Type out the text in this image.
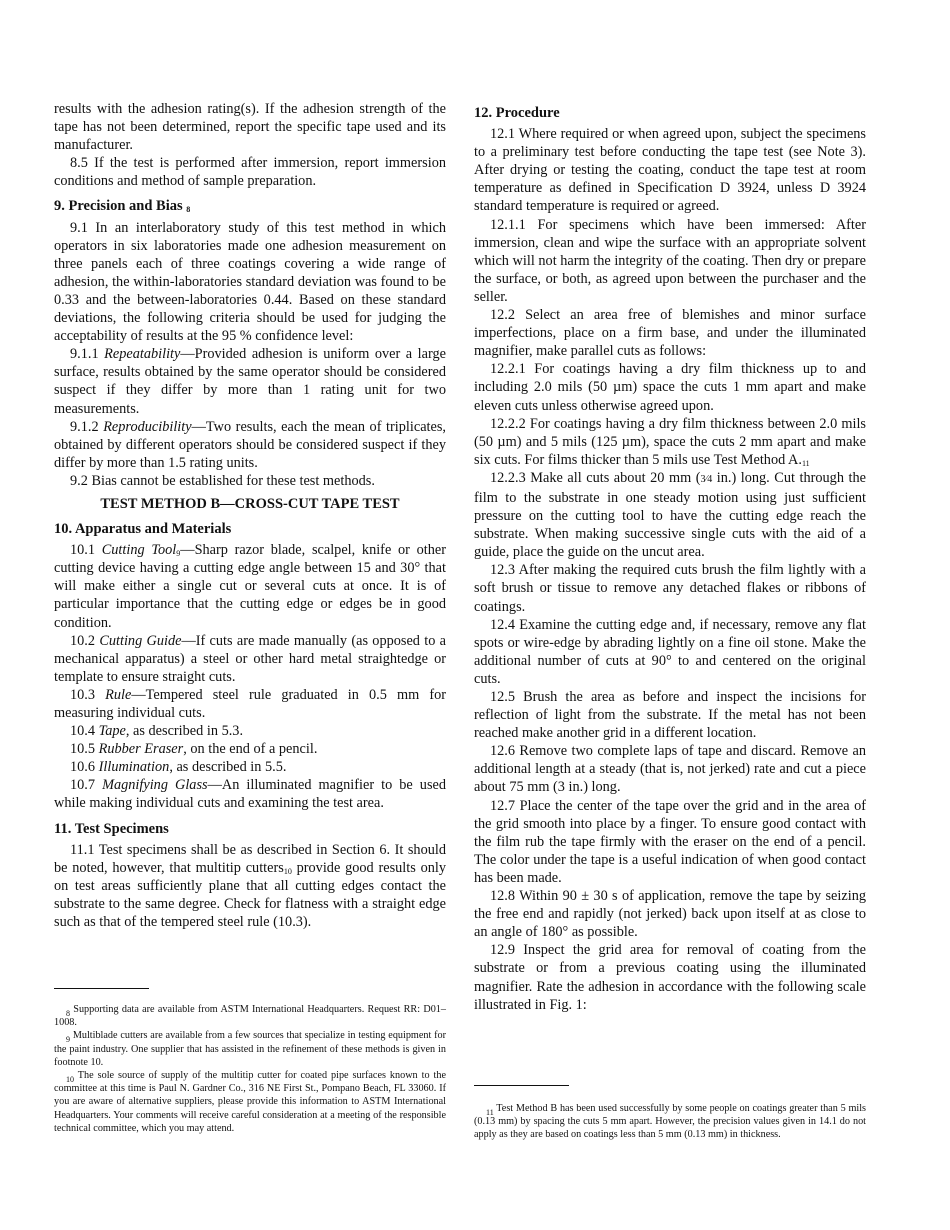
results with the adhesion rating(s). If the adhesion strength of the tape has not been determined, report the specific tape used and its manufacturer.

8.5 If the test is performed after immersion, report immersion conditions and method of sample preparation.

9. Precision and Bias $^8$

9.1 In an interlaboratory study of this test method in which operators in six laboratories made one adhesion measurement on three panels each of three coatings covering a wide range of adhesion, the within-laboratories standard deviation was found to be 0.33 and the between-laboratories 0.44. Based on these standard deviations, the following criteria should be used for judging the acceptability of results at the 95 % confidence level:

9.1.1 Repeatability—Provided adhesion is uniform over a large surface, results obtained by the same operator should be considered suspect if they differ by more than 1 rating unit for two measurements.

9.1.2 Reproducibility—Two results, each the mean of triplicates, obtained by different operators should be considered suspect if they differ by more than 1.5 rating units.

9.2 Bias cannot be established for these test methods.

TEST METHOD B—CROSS-CUT TAPE TEST

10. Apparatus and Materials

10.1 Cutting Tool$^9$—Sharp razor blade, scalpel, knife or other cutting device having a cutting edge angle between 15 and 30° that will make either a single cut or several cuts at once. It is of particular importance that the cutting edge or edges be in good condition.

10.2 Cutting Guide—If cuts are made manually (as opposed to a mechanical apparatus) a steel or other hard metal straightedge or template to ensure straight cuts.

10.3 Rule—Tempered steel rule graduated in 0.5 mm for measuring individual cuts.

10.4 Tape, as described in 5.3.

10.5 Rubber Eraser, on the end of a pencil.

10.6 Illumination, as described in 5.5.

10.7 Magnifying Glass—An illuminated magnifier to be used while making individual cuts and examining the test area.

11. Test Specimens

11.1 Test specimens shall be as described in Section 6. It should be noted, however, that multitip cutters$^{10}$ provide good results only on test areas sufficiently plane that all cutting edges contact the substrate to the same degree. Check for flatness with a straight edge such as that of the tempered steel rule (10.3).

12. Procedure

12.1 Where required or when agreed upon, subject the specimens to a preliminary test before conducting the tape test (see Note 3). After drying or testing the coating, conduct the tape test at room temperature as defined in Specification D 3924, unless D 3924 standard temperature is required or agreed.

12.1.1 For specimens which have been immersed: After immersion, clean and wipe the surface with an appropriate solvent which will not harm the integrity of the coating. Then dry or prepare the surface, or both, as agreed upon between the purchaser and the seller.

12.2 Select an area free of blemishes and minor surface imperfections, place on a firm base, and under the illuminated magnifier, make parallel cuts as follows:

12.2.1 For coatings having a dry film thickness up to and including 2.0 mils (50 µm) space the cuts 1 mm apart and make eleven cuts unless otherwise agreed upon.

12.2.2 For coatings having a dry film thickness between 2.0 mils (50 µm) and 5 mils (125 µm), space the cuts 2 mm apart and make six cuts. For films thicker than 5 mils use Test Method A.$^{11}$

12.2.3 Make all cuts about 20 mm (3⁄4 in.) long. Cut through the film to the substrate in one steady motion using just sufficient pressure on the cutting tool to have the cutting edge reach the substrate. When making successive single cuts with the aid of a guide, place the guide on the uncut area.

12.3 After making the required cuts brush the film lightly with a soft brush or tissue to remove any detached flakes or ribbons of coatings.

12.4 Examine the cutting edge and, if necessary, remove any flat spots or wire-edge by abrading lightly on a fine oil stone. Make the additional number of cuts at 90° to and centered on the original cuts.

12.5 Brush the area as before and inspect the incisions for reflection of light from the substrate. If the metal has not been reached make another grid in a different location.

12.6 Remove two complete laps of tape and discard. Remove an additional length at a steady (that is, not jerked) rate and cut a piece about 75 mm (3 in.) long.

12.7 Place the center of the tape over the grid and in the area of the grid smooth into place by a finger. To ensure good contact with the film rub the tape firmly with the eraser on the end of a pencil. The color under the tape is a useful indication of when good contact has been made.

12.8 Within 90 ± 30 s of application, remove the tape by seizing the free end and rapidly (not jerked) back upon itself at as close to an angle of 180° as possible.

12.9 Inspect the grid area for removal of coating from the substrate or from a previous coating using the illuminated magnifier. Rate the adhesion in accordance with the following scale illustrated in Fig. 1:

$^8$ Supporting data are available from ASTM International Headquarters. Request RR: D01–1008.

$^9$ Multiblade cutters are available from a few sources that specialize in testing equipment for the paint industry. One supplier that has assisted in the refinement of these methods is given in footnote 10.

$^{10}$ The sole source of supply of the multitip cutter for coated pipe surfaces known to the committee at this time is Paul N. Gardner Co., 316 NE First St., Pompano Beach, FL 33060. If you are aware of alternative suppliers, please provide this information to ASTM International Headquarters. Your comments will receive careful consideration at a meeting of the responsible technical committee, which you may attend.

$^{11}$ Test Method B has been used successfully by some people on coatings greater than 5 mils (0.13 mm) by spacing the cuts 5 mm apart. However, the precision values given in 14.1 do not apply as they are based on coatings less than 5 mm (0.13 mm) in thickness.
